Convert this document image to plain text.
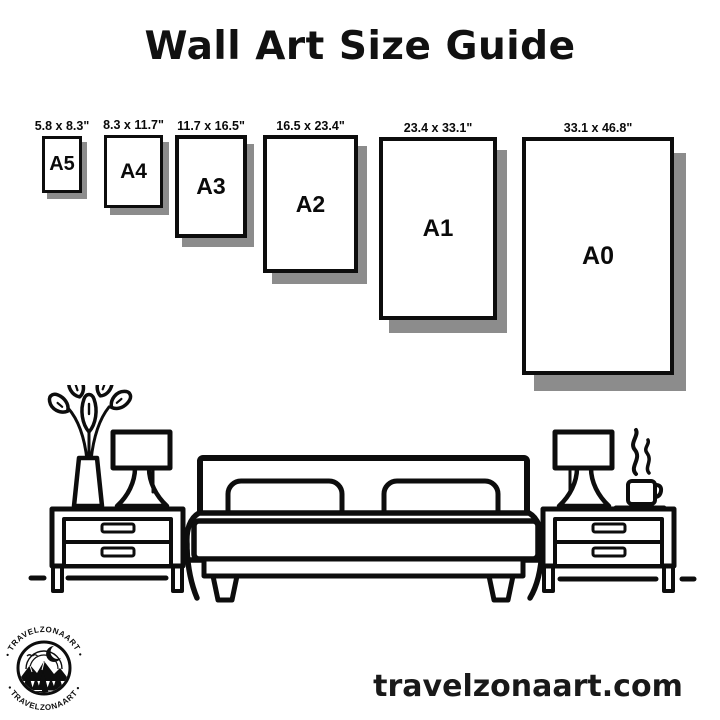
Wall Art Size Guide
5.8 x 8.3"
A5
8.3 x 11.7"
A4
11.7 x 16.5"
A3
16.5 x 23.4"
A2
23.4 x 33.1"
A1
33.1 x 46.8"
A0
• TRAVELZONAART •
• TRAVELZONAART •	travelzonaart.com
